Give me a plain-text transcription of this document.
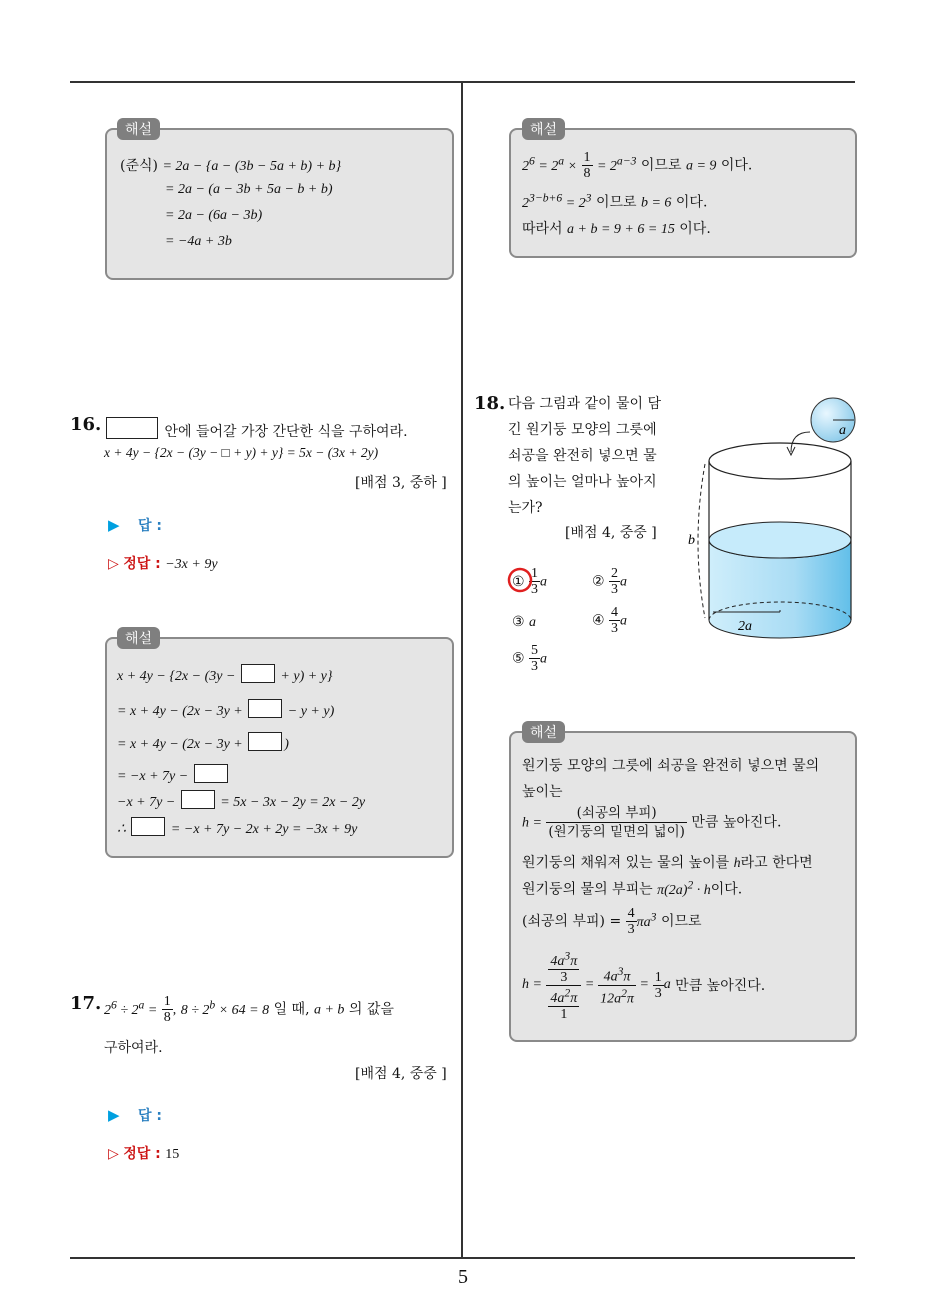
5
해설
(준식) = 2a − {a − (3b − 5a + b) + b}
= 2a − (a − 3b + 5a − b + b)
= 2a − (6a − 3b)
= −4a + 3b
해설
$2^6 = 2^a \times \frac{1}{8} = 2^{a-3}$ 이므로 a = 9 이다.
$2^{3-b+6} = 2^3$ 이므로 b = 6 이다.
따라서 a + b = 9 + 6 = 15 이다.
16.	안에 들어갈 가장 간단한 식을 구하여라.
x + 4y − {2x − (3y − □ + y) + y} = 5x − (3x + 2y)
[배점 3, 중하 ]
▶ 답 :
▷ 정답 : −3x + 9y
해설
x + 4y − {2x − (3y −	+ y) + y}
= x + 4y − (2x − 3y +	− y + y)
= x + 4y − (2x − 3y +	)
= −x + 7y −
−x + 7y −	= 5x − 3x − 2y = 2x − 2y
∴	= −x + 7y − 2x + 2y = −3x + 9y
17. $2^6 \div 2^a = \frac{1}{8}$ , $8 \div 2^b \times 64 = 8$ 일 때, a + b 의 값을
구하여라.
[배점 4, 중중 ]
▶ 답 :
▷ 정답 : 15
18. 다음 그림과 같이 물이 담
긴 원기둥 모양의 그릇에
쇠공을 완전히 넣으면 물
의 높이는 얼마나 높아지
는가?
[배점 4, 중중 ]
① $\frac{1}{3}$ a	② $\frac{2}{3}$ a
③ a	④ $\frac{4}{3}$ a
⑤ $\frac{5}{3}$ a
b
2a
a
해설
원기둥 모양의 그릇에 쇠공을 완전히 넣으면 물의
높이는
$h = \frac{\text{(쇠공의 부피)}}{\text{(원기둥의 밑면의 넓이)}}$ 만큼 높아진다.
원기둥의 채워져 있는 물의 높이를 h라고 한다면
원기둥의 물의 부피는 $\pi(2a)^2 \cdot h$이다.
(쇠공의 부피) = $\frac{4}{3} \pi a^3$ 이므로
$h = \frac{\frac{4a^3\pi}{3}}{\frac{4a^2\pi}{1}} = \frac{4a^3\pi}{12a^2\pi} = \frac{1}{3}$ a 만큼 높아진다.
